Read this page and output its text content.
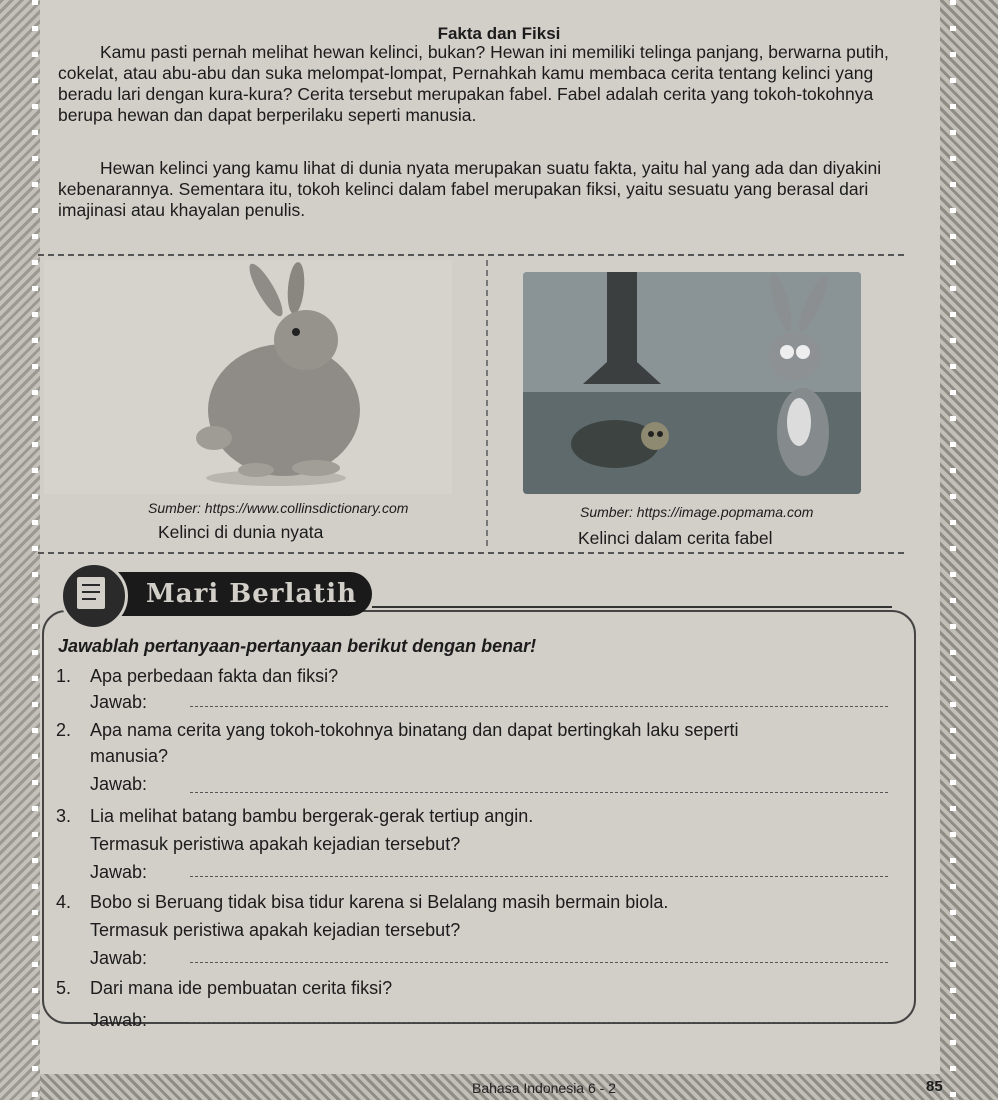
Fakta dan Fiksi

Kamu pasti pernah melihat hewan kelinci, bukan? Hewan ini memiliki telinga panjang, berwarna putih, cokelat, atau abu-abu dan suka melompat-lompat, Pernahkah kamu membaca cerita tentang kelinci yang beradu lari dengan kura-kura? Cerita tersebut merupakan fabel. Fabel adalah cerita yang tokoh-tokohnya berupa hewan dan dapat berperilaku seperti manusia.

Hewan kelinci yang kamu lihat di dunia nyata merupakan suatu fakta, yaitu hal yang ada dan diyakini kebenarannya. Sementara itu, tokoh kelinci dalam fabel merupakan fiksi, yaitu sesuatu yang berasal dari imajinasi atau khayalan penulis.

Sumber: https://www.collinsdictionary.com	Sumber: https://image.popmama.com
Kelinci di dunia nyata	Kelinci dalam cerita fabel
Mari Berlatih
Jawablah pertanyaan-pertanyaan berikut dengan benar!
1. Apa perbedaan fakta dan fiksi?
Jawab:
2. Apa nama cerita yang tokoh-tokohnya binatang dan dapat bertingkah laku seperti
manusia?
Jawab:
3. Lia melihat batang bambu bergerak-gerak tertiup angin.
Termasuk peristiwa apakah kejadian tersebut?
Jawab:
4. Bobo si Beruang tidak bisa tidur karena si Belalang masih bermain biola.
Termasuk peristiwa apakah kejadian tersebut?
Jawab:
5. Dari mana ide pembuatan cerita fiksi?
Jawab:
Bahasa Indonesia 6 - 2	85
